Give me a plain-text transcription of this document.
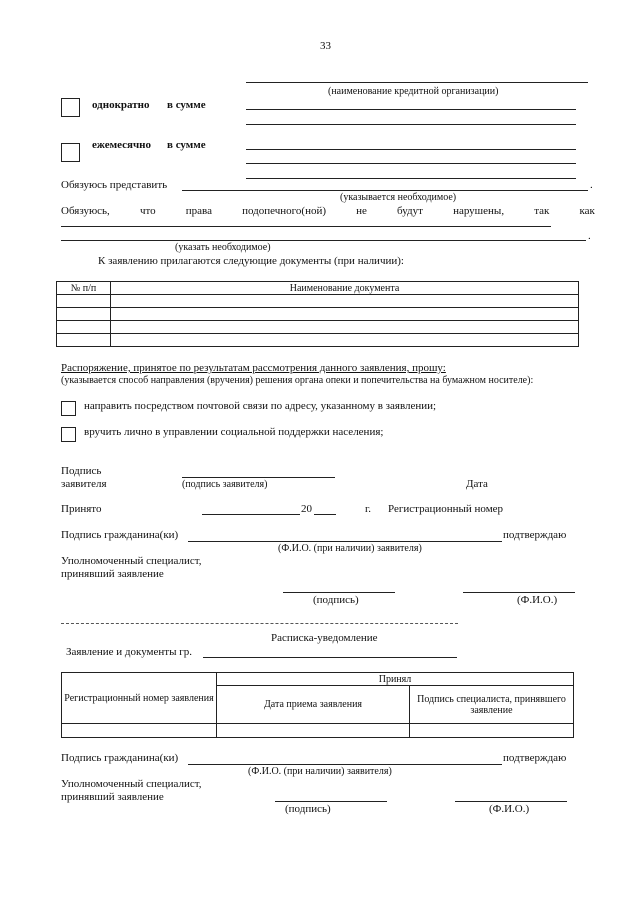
33
(наименование кредитной организации)
однократно в сумме
ежемесячно в сумме
Обязуюсь представить	.
(указывается необходимое)
Обязуюсь,	что	права	подопечного(ной)	не	будут	нарушены,	так	как
.
(указать необходимое)
К заявлению прилагаются следующие документы (при наличии):
№ п/п	Наименование документа

Распоряжение, принятое по результатам рассмотрения данного заявления, прошу:
(указывается способ направления (вручения) решения органа опеки и попечительства на бумажном носителе):
направить посредством почтовой связи по адресу, указанному в заявлении;
вручить лично в управлении социальной поддержки населения;
Подпись
заявителя	(подпись заявителя)	Дата
Принято	20	г. Регистрационный номер
Подпись гражданина(ки)	подтверждаю
(Ф.И.О. (при наличии) заявителя)
Уполномоченный специалист,
принявший заявление
(подпись)	(Ф.И.О.)
Расписка-уведомление
Заявление и документы гр.
Регистрационный номер заявления	Принял	
	Дата приема заявления	Подпись специалиста, принявшего заявление

Подпись гражданина(ки)	подтверждаю
(Ф.И.О. (при наличии) заявителя)
Уполномоченный специалист,
принявший заявление
(подпись)	(Ф.И.О.)
